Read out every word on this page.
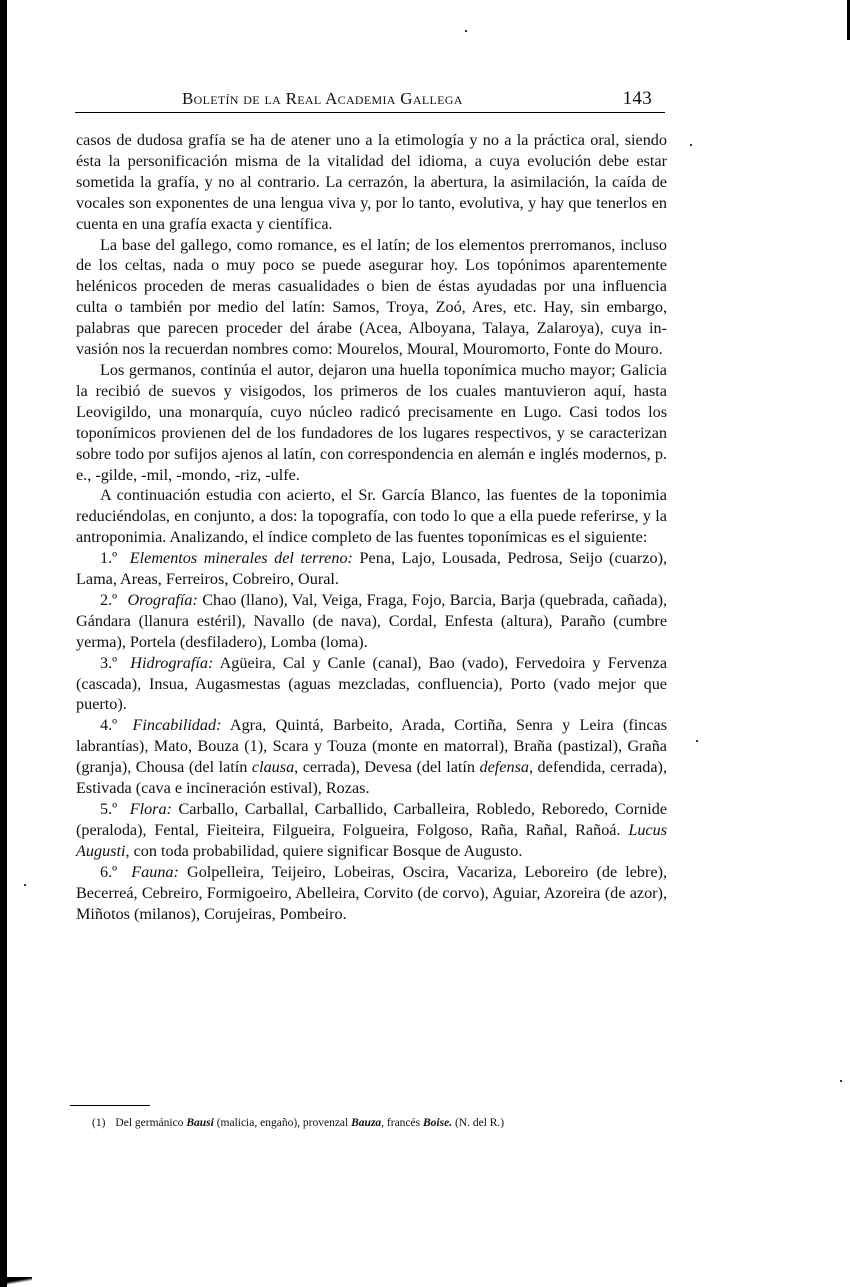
Boletín de la Real Academia Gallega	143

casos de dudosa grafía se ha de atener uno a la etimología y no a la práctica oral, siendo ésta la personificación misma de la vitalidad del idioma, a cuya evolución debe estar sometida la grafía, y no al contrario. La cerrazón, la abertura, la asimilación, la caída de vocales son exponentes de una lengua viva y, por lo tanto, evolutiva, y hay que tenerlos en cuenta en una grafía exacta y científica.

La base del gallego, como romance, es el latín; de los elementos prerromanos, incluso de los celtas, nada o muy poco se puede asegurar hoy. Los topónimos aparentemente helénicos proceden de meras casualidades o bien de éstas ayudadas por una influencia culta o también por medio del latín: Samos, Troya, Zoó, Ares, etc. Hay, sin embargo, palabras que parecen proceder del árabe (Acea, Alboyana, Talaya, Zalaroya), cuya invasión nos la recuerdan nombres como: Mourelos, Moural, Mouromorto, Fonte do Mouro.

Los germanos, continúa el autor, dejaron una huella toponímica mucho mayor; Galicia la recibió de suevos y visigodos, los primeros de los cuales mantuvieron aquí, hasta Leovigildo, una monarquía, cuyo núcleo radicó precisamente en Lugo. Casi todos los toponímicos provienen del de los fundadores de los lugares respectivos, y se caracterizan sobre todo por sufijos ajenos al latín, con correspondencia en alemán e inglés modernos, p. e., -gilde, -mil, -mondo, -riz, -ulfe.

A continuación estudia con acierto, el Sr. García Blanco, las fuentes de la toponimia reduciéndolas, en conjunto, a dos: la topografía, con todo lo que a ella puede referirse, y la antroponimia. Analizando, el índice completo de las fuentes toponímicas es el siguiente:

1.º Elementos minerales del terreno: Pena, Lajo, Lousada, Pedrosa, Seijo (cuarzo), Lama, Areas, Ferreiros, Cobreiro, Oural.

2.º Orografía: Chao (llano), Val, Veiga, Fraga, Fojo, Barcia, Barja (quebrada, cañada), Gándara (llanura estéril), Navallo (de nava), Cordal, Enfesta (altura), Paraño (cumbre yerma), Portela (desfiladero), Lomba (loma).

3.º Hidrografía: Agüeira, Cal y Canle (canal), Bao (vado), Fervedoira y Fervenza (cascada), Insua, Augasmestas (aguas mezcladas, confluencia), Porto (vado mejor que puerto).

4.º Fincabilidad: Agra, Quintá, Barbeito, Arada, Cortiña, Senra y Leira (fincas labrantías), Mato, Bouza (1), Scara y Touza (monte en matorral), Braña (pastizal), Graña (granja), Chousa (del latín clausa, cerrada), Devesa (del latín defensa, defendida, cerrada), Estivada (cava e incineración estival), Rozas.

5.º Flora: Carballo, Carballal, Carballido, Carballeira, Robledo, Reboredo, Cornide (peraloda), Fental, Fieiteira, Filgueira, Folgueira, Folgoso, Raña, Rañal, Rañoá. Lucus Augusti, con toda probabilidad, quiere significar Bosque de Augusto.

6.º Fauna: Golpelleira, Teijeiro, Lobeiras, Oscira, Vacariza, Leboreiro (de lebre), Becerreá, Cebreiro, Formigoeiro, Abelleira, Corvito (de corvo), Aguiar, Azoreira (de azor), Miñotos (milanos), Corujeiras, Pombeiro.

(1) Del germánico Bausi (malicia, engaño), provenzal Bauza, francés Boise. (N. del R.)
